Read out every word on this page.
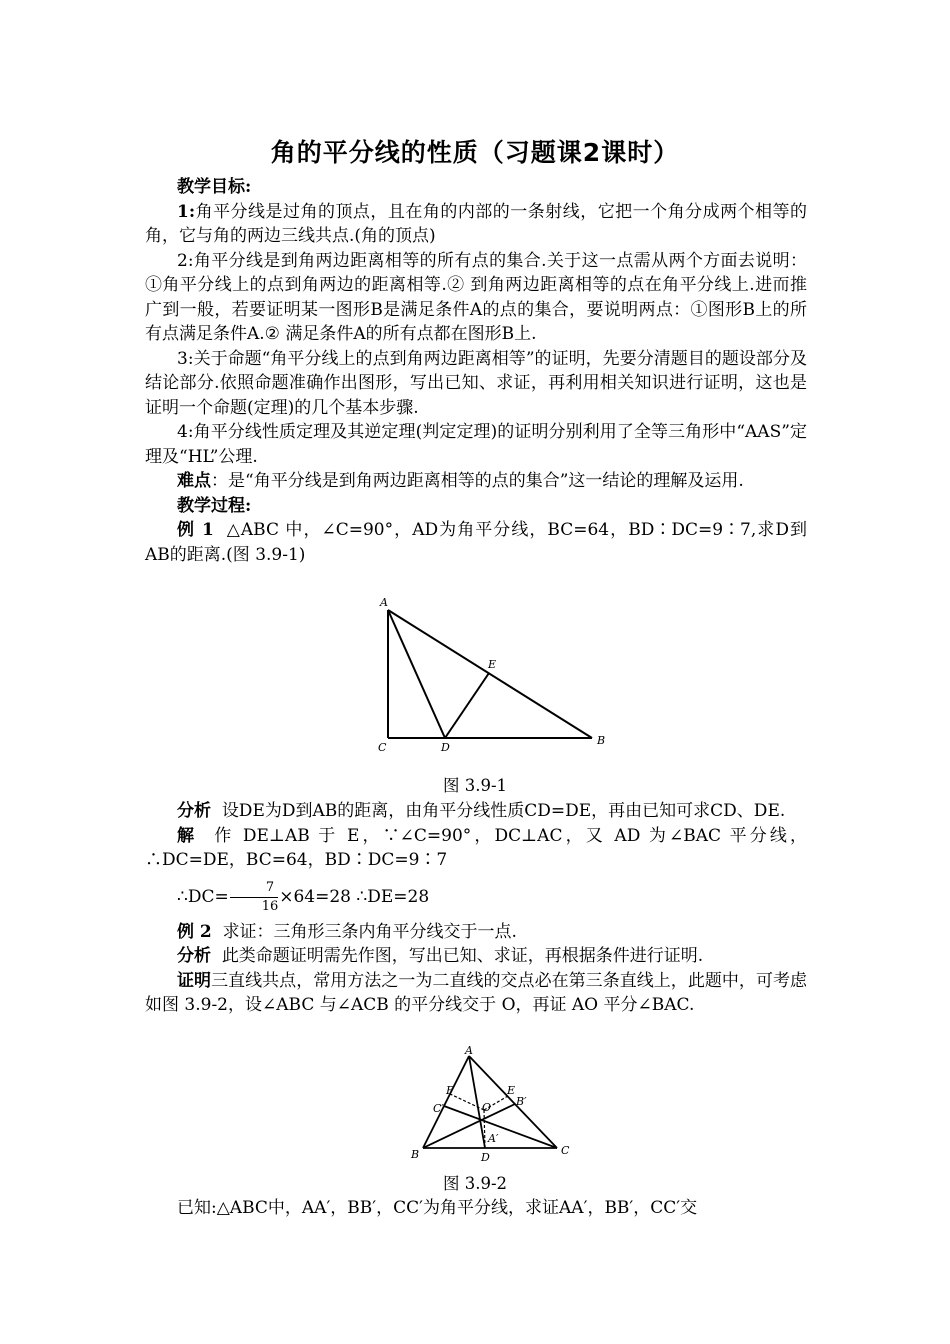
角的平分线的性质（习题课2课时）

教学目标:

1:角平分线是过角的顶点，且在角的内部的一条射线，它把一个角分成两个相等的角，它与角的两边三线共点.(角的顶点)

2:角平分线是到角两边距离相等的所有点的集合.关于这一点需从两个方面去说明：①角平分线上的点到角两边的距离相等.② 到角两边距离相等的点在角平分线上.进而推广到一般，若要证明某一图形B是满足条件A的点的集合，要说明两点：①图形B上的所有点满足条件A.② 满足条件A的所有点都在图形B上.

3:关于命题“角平分线上的点到角两边距离相等”的证明，先要分清题目的题设部分及结论部分.依照命题准确作出图形，写出已知、求证，再利用相关知识进行证明，这也是证明一个命题(定理)的几个基本步骤.

4:角平分线性质定理及其逆定理(判定定理)的证明分别利用了全等三角形中“AAS”定理及“HL”公理.

难点：是“角平分线是到角两边距离相等的点的集合”这一结论的理解及运用.

教学过程:

例 1 △ABC 中，∠C=90°，AD为角平分线，BC=64，BD∶DC=9∶7,求D到AB的距离.(图 3.9-1)

A
E
C	D
B
图 3.9-1

分析 设DE为D到AB的距离，由角平分线性质CD=DE，再由已知可求CD、DE.

解 作 DE⊥AB 于 E，∵∠C=90°，DC⊥AC，又 AD 为∠BAC 平分线，∴DC=DE，BC=64，BD∶DC=9∶7

∴DC= $\frac{7}{16} \times 64=28$ ∴DE=28

例 2 求证：三角形三条内角平分线交于一点.

分析 此类命题证明需先作图，写出已知、求证，再根据条件进行证明.

证明三直线共点，常用方法之一为二直线的交点必在第三条直线上，此题中，可考虑如图 3.9-2，设∠ABC 与∠ACB 的平分线交于 O，再证 AO 平分∠BAC.

A
F	E
C′	O B′
A′
B	D
C
图 3.9-2

已知:△ABC中，AA′，BB′，CC′为角平分线，求证AA′，BB′，CC′交
